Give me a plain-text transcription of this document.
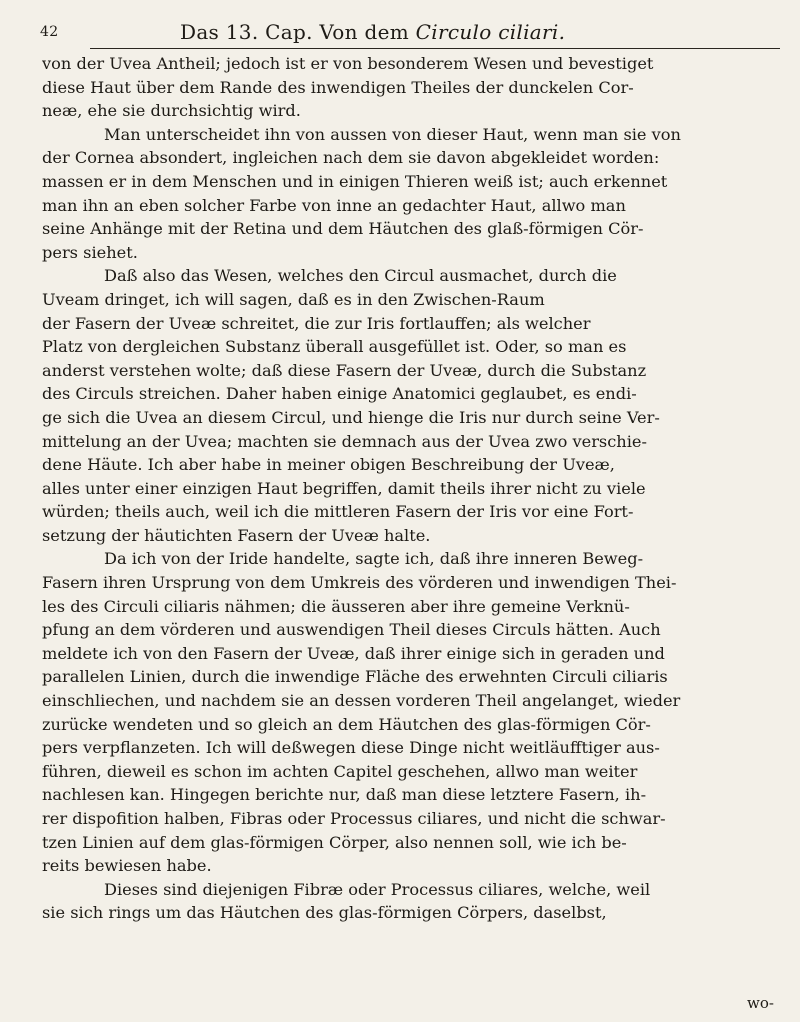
42	Das 13. Cap. Von dem Circulo ciliari.
von der Uvea Antheil; jedoch ist er von besonderem Wesen und bevestiget
diese Haut über dem Rande des inwendigen Theiles der dunckelen Cor-
neæ, ehe sie durchsichtig wird.
Man unterscheidet ihn von aussen von dieser Haut, wenn man sie von
der Cornea absondert, ingleichen nach dem sie davon abgekleidet worden:
massen er in dem Menschen und in einigen Thieren weiß ist; auch erkennet
man ihn an eben solcher Farbe von inne an gedachter Haut, allwo man
seine Anhänge mit der Retina und dem Häutchen des glaß-förmigen Cör-
pers siehet.
Daß also das Wesen, welches den Circul ausmachet, durch die
Uveam dringet, ich will sagen, daß es in den Zwischen-Raum
der Fasern der Uveæ schreitet, die zur Iris fortlauffen; als welcher
Platz von dergleichen Substanz überall ausgefüllet ist. Oder, so man es
anderst verstehen wolte; daß diese Fasern der Uveæ, durch die Substanz
des Circuls streichen. Daher haben einige Anatomici geglaubet, es endi-
ge sich die Uvea an diesem Circul, und hienge die Iris nur durch seine Ver-
mittelung an der Uvea; machten sie demnach aus der Uvea zwo verschie-
dene Häute. Ich aber habe in meiner obigen Beschreibung der Uveæ,
alles unter einer einzigen Haut begriffen, damit theils ihrer nicht zu viele
würden; theils auch, weil ich die mittleren Fasern der Iris vor eine Fort-
setzung der häutichten Fasern der Uveæ halte.
Da ich von der Iride handelte, sagte ich, daß ihre inneren Beweg-
Fasern ihren Ursprung von dem Umkreis des vörderen und inwendigen Thei-
les des Circuli ciliaris nähmen; die äusseren aber ihre gemeine Verknü-
pfung an dem vörderen und auswendigen Theil dieses Circuls hätten. Auch
meldete ich von den Fasern der Uveæ, daß ihrer einige sich in geraden und
parallelen Linien, durch die inwendige Fläche des erwehnten Circuli ciliaris
einschliechen, und nachdem sie an dessen vorderen Theil angelanget, wieder
zurücke wendeten und so gleich an dem Häutchen des glas-förmigen Cör-
pers verpflanzeten. Ich will deßwegen diese Dinge nicht weitläufftiger aus-
führen, dieweil es schon im achten Capitel geschehen, allwo man weiter
nachlesen kan. Hingegen berichte nur, daß man diese letztere Fasern, ih-
rer dispofition halben, Fibras oder Processus ciliares, und nicht die schwar-
tzen Linien auf dem glas-förmigen Cörper, also nennen soll, wie ich be-
reits bewiesen habe.
Dieses sind diejenigen Fibræ oder Processus ciliares, welche, weil
sie sich rings um das Häutchen des glas-förmigen Cörpers, daselbst,
wo-
